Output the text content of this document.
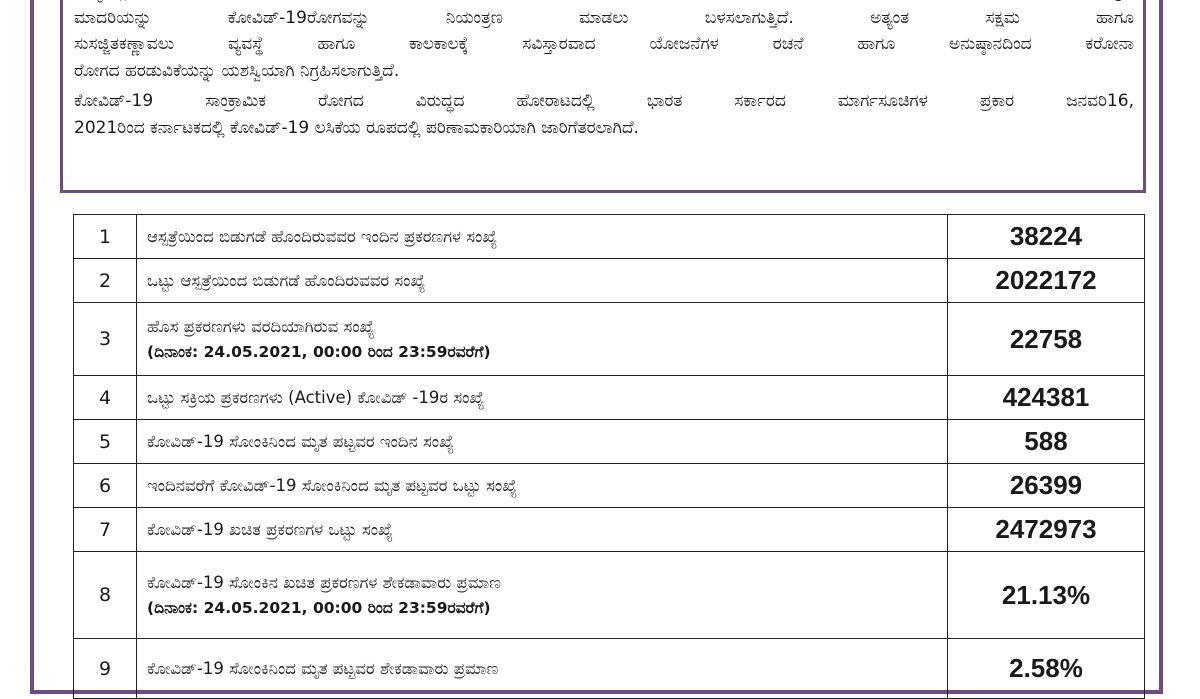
ಮಾದರಿಯನ್ನು ಕೋವಿಡ್-19ರೋಗವನ್ನು ನಿಯಂತ್ರಣ ಮಾಡಲು ಬಳಸಲಾಗುತ್ತಿದೆ. ಅತ್ಯಂತ ಸಕ್ಷಮ ಹಾಗೂ
ಸುಸಜ್ಜಿತಕಣ್ಣಾವಲು ವ್ಯವಸ್ಥೆ ಹಾಗೂ ಕಾಲಕಾಲಕ್ಕೆ ಸವಿಸ್ತಾರವಾದ ಯೋಜನೆಗಳ ರಚನೆ ಹಾಗೂ ಅನುಷ್ಠಾನದಿಂದ ಕರೋನಾ
ರೋಗದ ಹರಡುವಿಕೆಯನ್ನು ಯಶಸ್ವಿಯಾಗಿ ನಿಗ್ರಹಿಸಲಾಗುತ್ತಿದೆ.
ಕೋವಿಡ್-19 ಸಾಂಕ್ರಾಮಿಕ ರೋಗದ ವಿರುದ್ಧದ ಹೋರಾಟದಲ್ಲಿ ಭಾರತ ಸರ್ಕಾರದ ಮಾರ್ಗಸೂಚಿಗಳ ಪ್ರಕಾರ ಜನವರಿ16,
2021ರಿಂದ ಕರ್ನಾಟಕದಲ್ಲಿ ಕೋವಿಡ್-19 ಲಸಿಕೆಯ ರೂಪದಲ್ಲಿ ಪರಿಣಾಮಕಾರಿಯಾಗಿ ಜಾರಿಗೆತರಲಾಗಿದೆ.
1	ಆಸ್ಪತ್ರೆಯಿಂದ ಬಿಡುಗಡೆ ಹೊಂದಿರುವವರ ಇಂದಿನ ಪ್ರಕರಣಗಳ ಸಂಖ್ಯೆ	38224
2	ಒಟ್ಟು ಆಸ್ಪತ್ರೆಯಿಂದ ಬಿಡುಗಡೆ ಹೊಂದಿರುವವರ ಸಂಖ್ಯೆ	2022172
3	ಹೊಸ ಪ್ರಕರಣಗಳು ವರದಿಯಾಗಿರುವ ಸಂಖ್ಯೆ
(ದಿನಾಂಕ: 24.05.2021, 00:00 ರಿಂದ 23:59ರವರೆಗೆ)	22758
4	ಒಟ್ಟು ಸಕ್ರಿಯ ಪ್ರಕರಣಗಳು (Active) ಕೋವಿಡ್ -19ರ ಸಂಖ್ಯೆ	424381
5	ಕೋವಿಡ್-19 ಸೋಂಕಿನಿಂದ ಮೃತ ಪಟ್ಟವರ ಇಂದಿನ ಸಂಖ್ಯೆ	588
6	ಇಂದಿನವರೆಗೆ ಕೋವಿಡ್-19 ಸೋಂಕಿನಿಂದ ಮೃತ ಪಟ್ಟವರ ಒಟ್ಟು ಸಂಖ್ಯೆ	26399
7	ಕೋವಿಡ್-19 ಖಚಿತ ಪ್ರಕರಣಗಳ ಒಟ್ಟು ಸಂಖ್ಯೆ	2472973
8	ಕೋವಿಡ್-19 ಸೋಂಕಿನ ಖಚಿತ ಪ್ರಕರಣಗಳ ಶೇಕಡಾವಾರು ಪ್ರಮಾಣ
(ದಿನಾಂಕ: 24.05.2021, 00:00 ರಿಂದ 23:59ರವರೆಗೆ)	21.13%
9	ಕೋವಿಡ್-19 ಸೋಂಕಿನಿಂದ ಮೃತ ಪಟ್ಟವರ ಶೇಕಡಾವಾರು ಪ್ರಮಾಣ	2.58%
